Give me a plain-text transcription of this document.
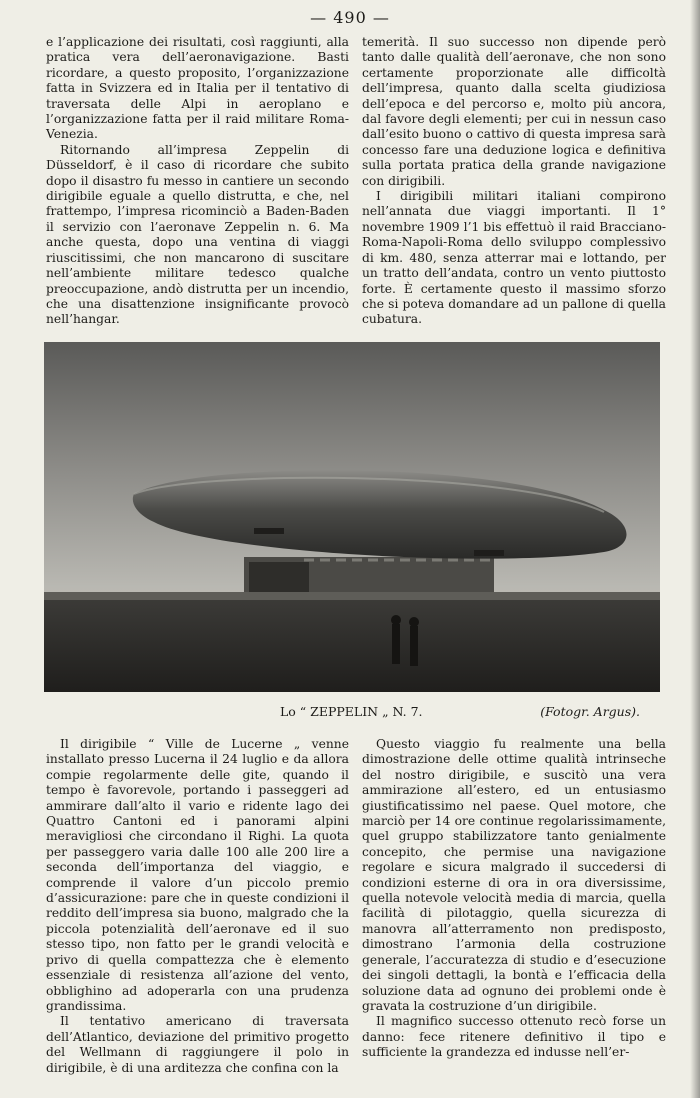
— 490 —

e l’applicazione dei risultati, così raggiunti, alla pratica vera dell’aeronavigazione. Basti ricordare, a questo proposito, l’organizzazione fatta in Svizzera ed in Italia per il tentativo di traversata delle Alpi in aeroplano e l’organizzazione fatta per il raid militare Roma-Venezia.

Ritornando all’impresa Zeppelin di Düsseldorf, è il caso di ricordare che subito dopo il disastro fu messo in cantiere un secondo dirigibile eguale a quello distrutta, e che, nel frattempo, l’impresa ricominciò a Baden-Baden il servizio con l’aeronave Zeppelin n. 6. Ma anche questa, dopo una ventina di viaggi riuscitissimi, che non mancarono di suscitare nell’ambiente militare tedesco qualche preoccupazione, andò distrutta per un incendio, che una disattenzione insignificante provocò nell’hangar.

temerità. Il suo successo non dipende però tanto dalle qualità dell’aeronave, che non sono certamente proporzionate alle difficoltà dell’impresa, quanto dalla scelta giudiziosa dell’epoca e del percorso e, molto più ancora, dal favore degli elementi; per cui in nessun caso dall’esito buono o cattivo di questa impresa sarà concesso fare una deduzione logica e definitiva sulla portata pratica della grande navigazione con dirigibili.

I dirigibili militari italiani compirono nell’annata due viaggi importanti. Il 1° novembre 1909 l’1 bis effettuò il raid Bracciano-Roma-Napoli-Roma dello sviluppo complessivo di km. 480, senza atterrar mai e lottando, per un tratto dell’andata, contro un vento piuttosto forte. È certamente questo il massimo sforzo che si poteva domandare ad un pallone di quella cubatura.

Lo “ ZEPPELIN „ N. 7.	(Fotogr. Argus).

Il dirigibile “ Ville de Lucerne „ venne installato presso Lucerna il 24 luglio e da allora compie regolarmente delle gite, quando il tempo è favorevole, portando i passeggeri ad ammirare dall’alto il vario e ridente lago dei Quattro Cantoni ed i panorami alpini meravigliosi che circondano il Righi. La quota per passeggero varia dalle 100 alle 200 lire a seconda dell’importanza del viaggio, e comprende il valore d’un piccolo premio d’assicurazione: pare che in queste condizioni il reddito dell’impresa sia buono, malgrado che la piccola potenzialità dell’aeronave ed il suo stesso tipo, non fatto per le grandi velocità e privo di quella compattezza che è elemento essenziale di resistenza all’azione del vento, obblighino ad adoperarla con una prudenza grandissima.

Il tentativo americano di traversata dell’Atlantico, deviazione del primitivo progetto del Wellmann di raggiungere il polo in dirigibile, è di una arditezza che confina con la

Questo viaggio fu realmente una bella dimostrazione delle ottime qualità intrinseche del nostro dirigibile, e suscitò una vera ammirazione all’estero, ed un entusiasmo giustificatissimo nel paese. Quel motore, che marciò per 14 ore continue regolarissimamente, quel gruppo stabilizzatore tanto genialmente concepito, che permise una navigazione regolare e sicura malgrado il succedersi di condizioni esterne di ora in ora diversissime, quella notevole velocità media di marcia, quella facilità di pilotaggio, quella sicurezza di manovra all’atterramento non predisposto, dimostrano l’armonia della costruzione generale, l’accuratezza di studio e d’esecuzione dei singoli dettagli, la bontà e l’efficacia della soluzione data ad ognuno dei problemi onde è gravata la costruzione d’un dirigibile.

Il magnifico successo ottenuto recò forse un danno: fece ritenere definitivo il tipo e sufficiente la grandezza ed indusse nell’er-
